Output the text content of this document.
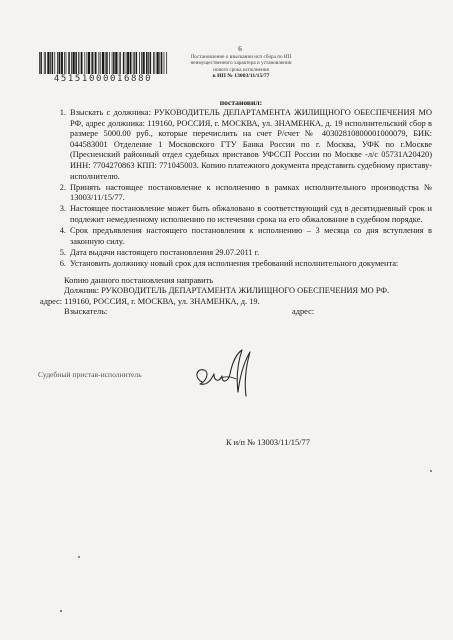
45151000016880
6
Постановление о взыскании исп сбора по ИП
неимущественного характера и установлении
нового срока исполнения
к ИП № 13003/11/15/77
постановил:
1. Взыскать с должника: РУКОВОДИТЕЛЬ ДЕПАРТАМЕНТА ЖИЛИЩНОГО ОБЕСПЕЧЕНИЯ МО РФ, адрес должника: 119160, РОССИЯ, г. МОСКВА, ул. ЗНАМЕНКА, д. 19 исполнительский сбор в размере 5000.00 руб., которые перечислить на счет Р/счет № 40302810800001000079, БИК: 044583001 Отделение 1 Московского ГТУ Банка России по г. Москва, УФК по г.Москве (Пресненский районный отдел судебных приставов УФССП России по Москве -л/с 05731А20420) ИНН: 7704270863 КПП: 771045003. Копию платежного документа представить судебному приставу-исполнителю.
2. Принять настоящее постановление к исполнению в рамках исполнительного производства № 13003/11/15/77.
3. Настоящее постановление может быть обжаловано в соответствующий суд в десятидневный срок и подлежит немедленному исполнению по истечении срока на его обжалование в судебном порядке.
4. Срок предъявления настоящего постановления к исполнению – 3 месяца со дня вступления в законную силу.
5. Дата выдачи настоящего постановления 29.07.2011 г.
6. Установить должнику новый срок для исполнения требований исполнительного документа:
Копию данного постановления направить
Должник: РУКОВОДИТЕЛЬ ДЕПАРТАМЕНТА ЖИЛИЩНОГО ОБЕСПЕЧЕНИЯ МО РФ.
адрес: 119160, РОССИЯ, г. МОСКВА, ул. ЗНАМЕНКА, д. 19.
Взыскатель:	адрес:
Судебный пристав-исполнитель
К и/п № 13003/11/15/77
